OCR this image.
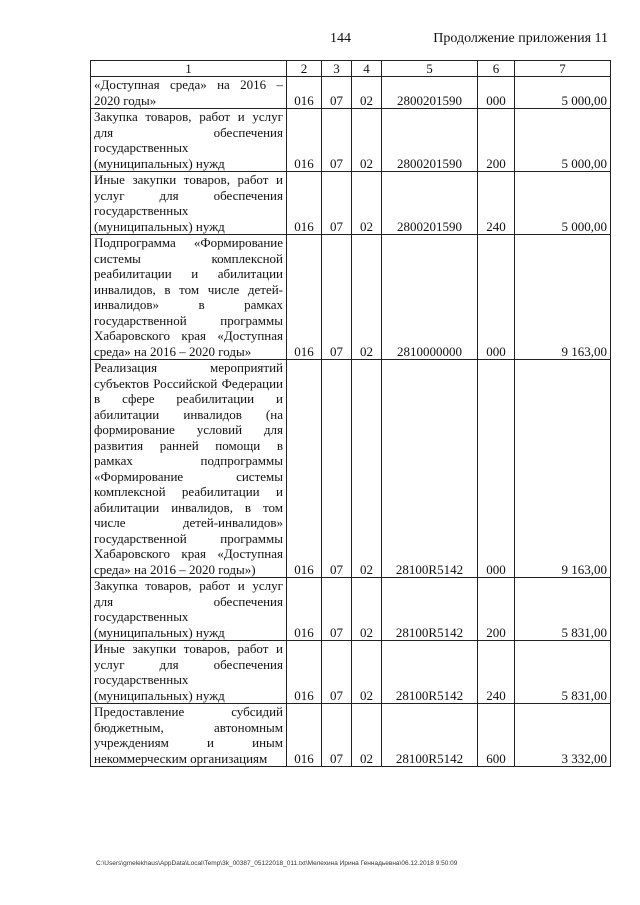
144	Продолжение приложения 11
1	2	3	4	5	6	7
«Доступная среда» на 2016 – 2020 годы»	016	07	02	2800201590	000	5 000,00
Закупка товаров, работ и услуг для обеспечения государственных (муниципальных) нужд	016	07	02	2800201590	200	5 000,00
Иные закупки товаров, работ и услуг для обеспечения государственных (муниципальных) нужд	016	07	02	2800201590	240	5 000,00
Подпрограмма «Формирование системы комплексной реабилитации и абилитации инвалидов, в том числе детей-инвалидов» в рамках государственной программы Хабаровского края «Доступная среда» на 2016 – 2020 годы»	016	07	02	2810000000	000	9 163,00
Реализация мероприятий субъектов Российской Федерации в сфере реабилитации и абилитации инвалидов (на формирование условий для развития ранней помощи в рамках подпрограммы «Формирование системы комплексной реабилитации и абилитации инвалидов, в том числе детей-инвалидов» государственной программы Хабаровского края «Доступная среда» на 2016 – 2020 годы»)	016	07	02	28100R5142	000	9 163,00
Закупка товаров, работ и услуг для обеспечения государственных (муниципальных) нужд	016	07	02	28100R5142	200	5 831,00
Иные закупки товаров, работ и услуг для обеспечения государственных (муниципальных) нужд	016	07	02	28100R5142	240	5 831,00
Предоставление субсидий бюджетным, автономным учреждениям и иным некоммерческим организациям	016	07	02	28100R5142	600	3 332,00
C:\Users\gmelekhaus\AppData\Local\Temp\3k_00387_05122018_011.txt\Мелехина Ирина Геннадьевна\06.12.2018 9:50:09
